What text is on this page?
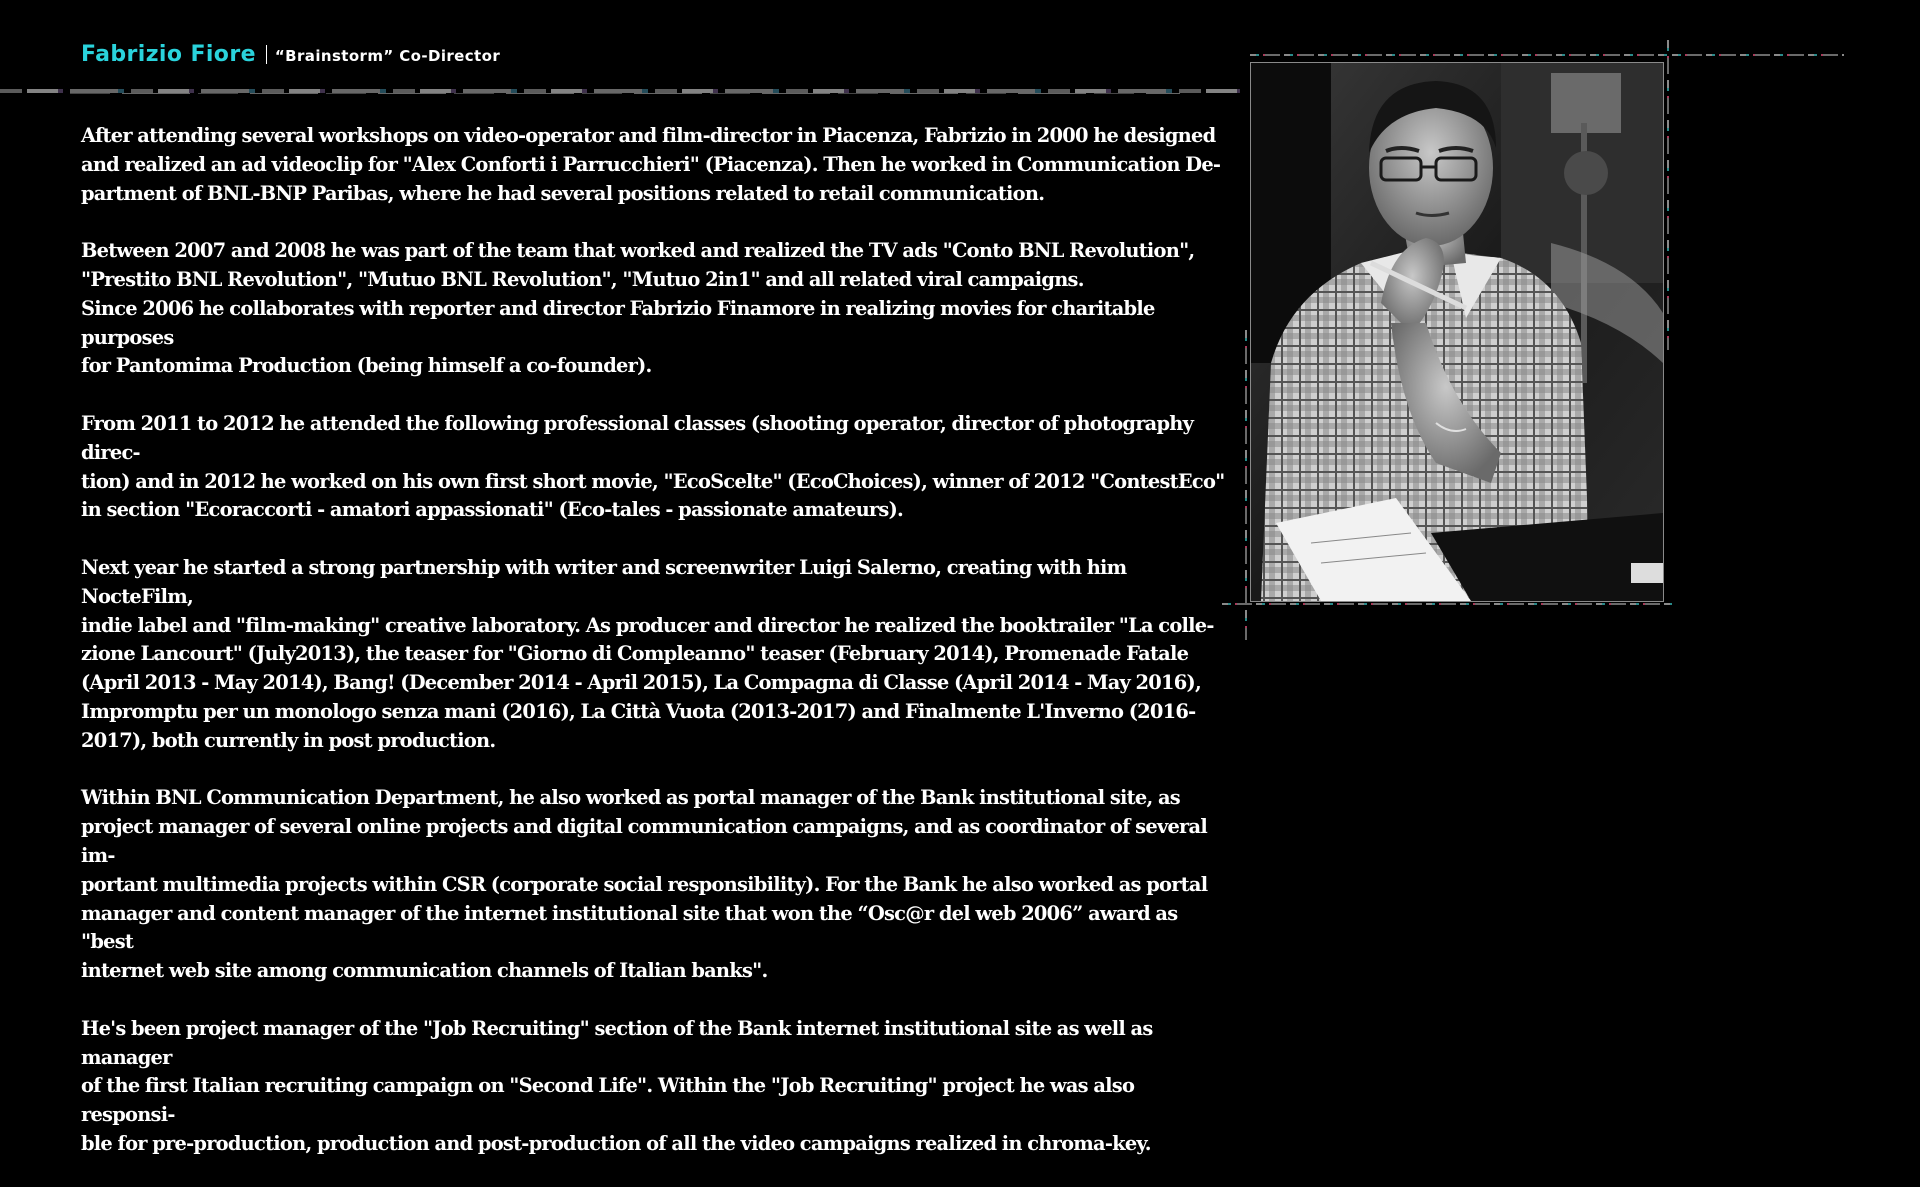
Fabrizio Fiore “Brainstorm” Co-Director

After attending several workshops on video-operator and film-director in Piacenza, Fabrizio in 2000 he designed
and realized an ad videoclip for "Alex Conforti i Parrucchieri" (Piacenza). Then he worked in Communication De-
partment of BNL-BNP Paribas, where he had several positions related to retail communication.

Between 2007 and 2008 he was part of the team that worked and realized the TV ads "Conto BNL Revolution",
"Prestito BNL Revolution", "Mutuo BNL Revolution", "Mutuo 2in1" and all related viral campaigns.
Since 2006 he collaborates with reporter and director Fabrizio Finamore in realizing movies for charitable purposes
for Pantomima Production (being himself a co-founder).

From 2011 to 2012 he attended the following professional classes (shooting operator, director of photography direc-
tion) and in 2012 he worked on his own first short movie, "EcoScelte" (EcoChoices), winner of 2012 "ContestEco"
in section "Ecoraccorti - amatori appassionati" (Eco-tales - passionate amateurs).

Next year he started a strong partnership with writer and screenwriter Luigi Salerno, creating with him NocteFilm,
indie label and "film-making" creative laboratory. As producer and director he realized the booktrailer "La colle-
zione Lancourt" (July2013), the teaser for "Giorno di Compleanno" teaser (February 2014), Promenade Fatale
(April 2013 - May 2014), Bang! (December 2014 - April 2015), La Compagna di Classe (April 2014 - May 2016),
Impromptu per un monologo senza mani (2016), La Città Vuota (2013-2017) and Finalmente L'Inverno (2016-
2017), both currently in post production.

Within BNL Communication Department, he also worked as portal manager of the Bank institutional site, as
project manager of several online projects and digital communication campaigns, and as coordinator of several im-
portant multimedia projects within CSR (corporate social responsibility). For the Bank he also worked as portal
manager and content manager of the internet institutional site that won the “Osc@r del web 2006” award as "best
internet web site among communication channels of Italian banks".

He's been project manager of the "Job Recruiting" section of the Bank internet institutional site as well as manager
of the first Italian recruiting campaign on "Second Life". Within the "Job Recruiting" project he was also responsi-
ble for pre-production, production and post-production of all the video campaigns realized in chroma-key.
